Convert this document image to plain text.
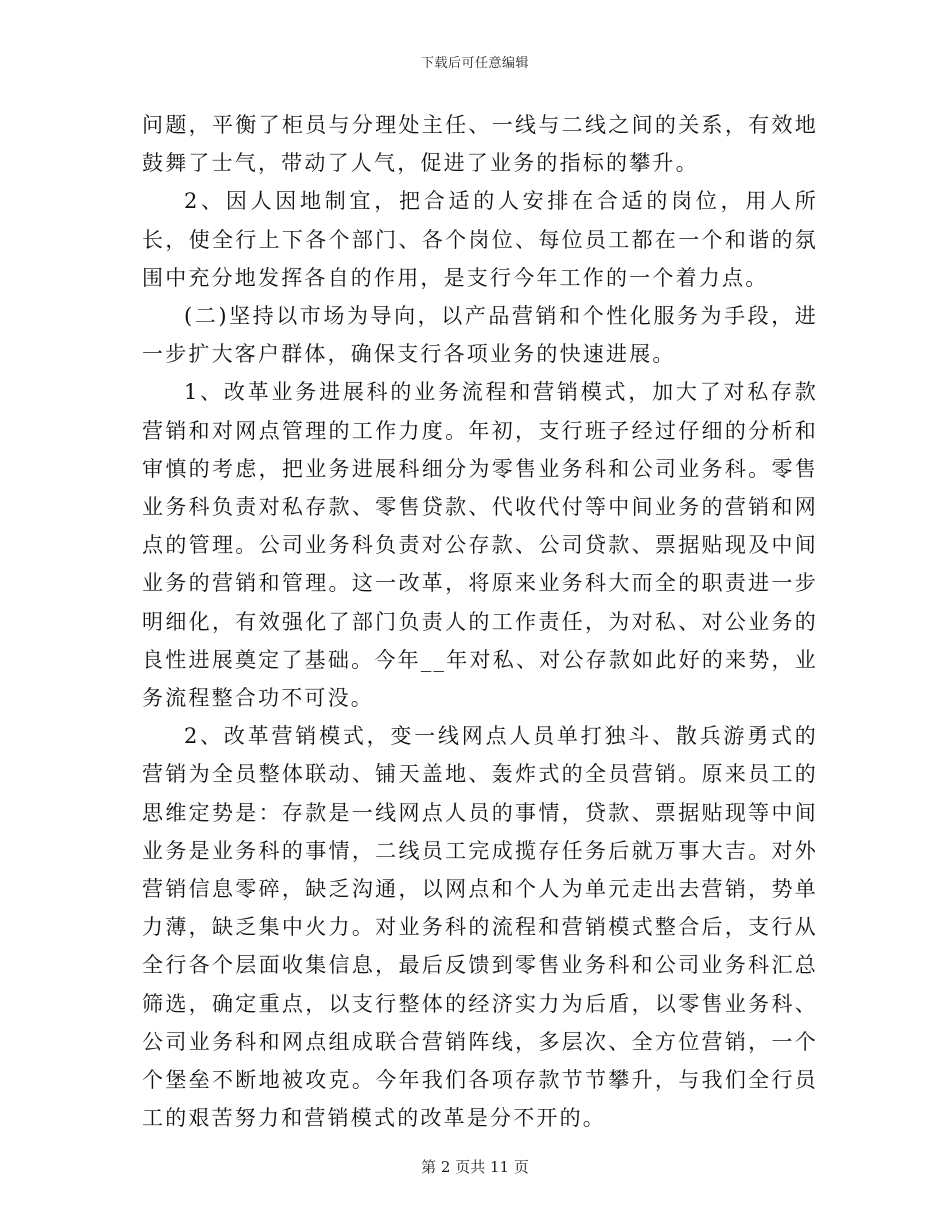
下载后可任意编辑

问题，平衡了柜员与分理处主任、一线与二线之间的关系，有效地鼓舞了士气，带动了人气，促进了业务的指标的攀升。

2、因人因地制宜，把合适的人安排在合适的岗位，用人所长，使全行上下各个部门、各个岗位、每位员工都在一个和谐的氛围中充分地发挥各自的作用，是支行今年工作的一个着力点。

(二)坚持以市场为导向，以产品营销和个性化服务为手段，进一步扩大客户群体，确保支行各项业务的快速进展。

1、改革业务进展科的业务流程和营销模式，加大了对私存款营销和对网点管理的工作力度。年初，支行班子经过仔细的分析和审慎的考虑，把业务进展科细分为零售业务科和公司业务科。零售业务科负责对私存款、零售贷款、代收代付等中间业务的营销和网点的管理。公司业务科负责对公存款、公司贷款、票据贴现及中间业务的营销和管理。这一改革，将原来业务科大而全的职责进一步明细化，有效强化了部门负责人的工作责任，为对私、对公业务的良性进展奠定了基础。今年__年对私、对公存款如此好的来势，业务流程整合功不可没。

2、改革营销模式，变一线网点人员单打独斗、散兵游勇式的营销为全员整体联动、铺天盖地、轰炸式的全员营销。原来员工的思维定势是：存款是一线网点人员的事情，贷款、票据贴现等中间业务是业务科的事情，二线员工完成揽存任务后就万事大吉。对外营销信息零碎，缺乏沟通，以网点和个人为单元走出去营销，势单力薄，缺乏集中火力。对业务科的流程和营销模式整合后，支行从全行各个层面收集信息，最后反馈到零售业务科和公司业务科汇总筛选，确定重点，以支行整体的经济实力为后盾，以零售业务科、公司业务科和网点组成联合营销阵线，多层次、全方位营销，一个个堡垒不断地被攻克。今年我们各项存款节节攀升，与我们全行员工的艰苦努力和营销模式的改革是分不开的。

第 2 页共 11 页
